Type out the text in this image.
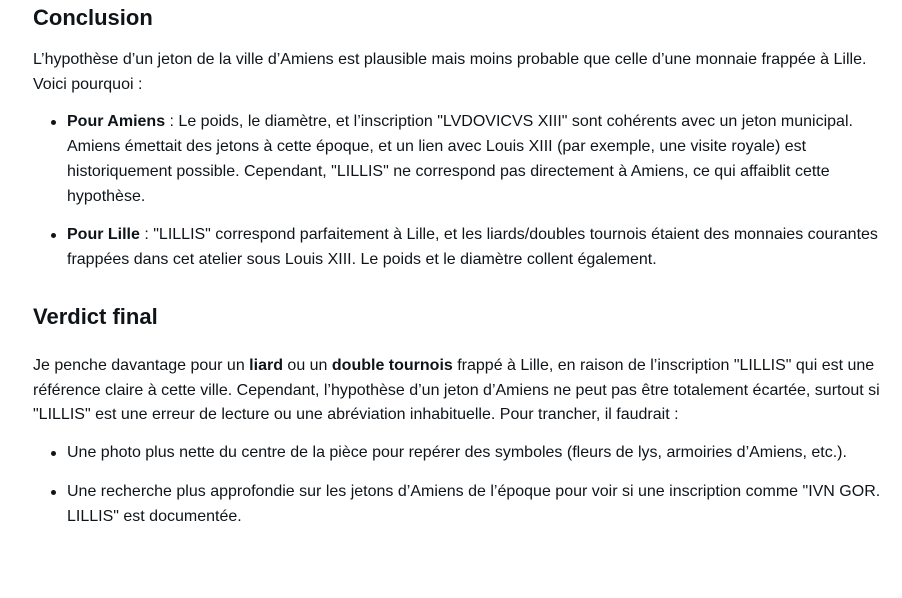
Conclusion

L’hypothèse d’un jeton de la ville d’Amiens est plausible mais moins probable que celle d’une monnaie frappée à Lille. Voici pourquoi :

Pour Amiens : Le poids, le diamètre, et l’inscription "LVDOVICVS XIII" sont cohérents avec un jeton municipal. Amiens émettait des jetons à cette époque, et un lien avec Louis XIII (par exemple, une visite royale) est historiquement possible. Cependant, "LILLIS" ne correspond pas directement à Amiens, ce qui affaiblit cette hypothèse.
Pour Lille : "LILLIS" correspond parfaitement à Lille, et les liards/doubles tournois étaient des monnaies courantes frappées dans cet atelier sous Louis XIII. Le poids et le diamètre collent également.
Verdict final

Je penche davantage pour un liard ou un double tournois frappé à Lille, en raison de l’inscription "LILLIS" qui est une référence claire à cette ville. Cependant, l’hypothèse d’un jeton d’Amiens ne peut pas être totalement écartée, surtout si "LILLIS" est une erreur de lecture ou une abréviation inhabituelle. Pour trancher, il faudrait :

Une photo plus nette du centre de la pièce pour repérer des symboles (fleurs de lys, armoiries d’Amiens, etc.).
Une recherche plus approfondie sur les jetons d’Amiens de l’époque pour voir si une inscription comme "IVN GOR. LILLIS" est documentée.
